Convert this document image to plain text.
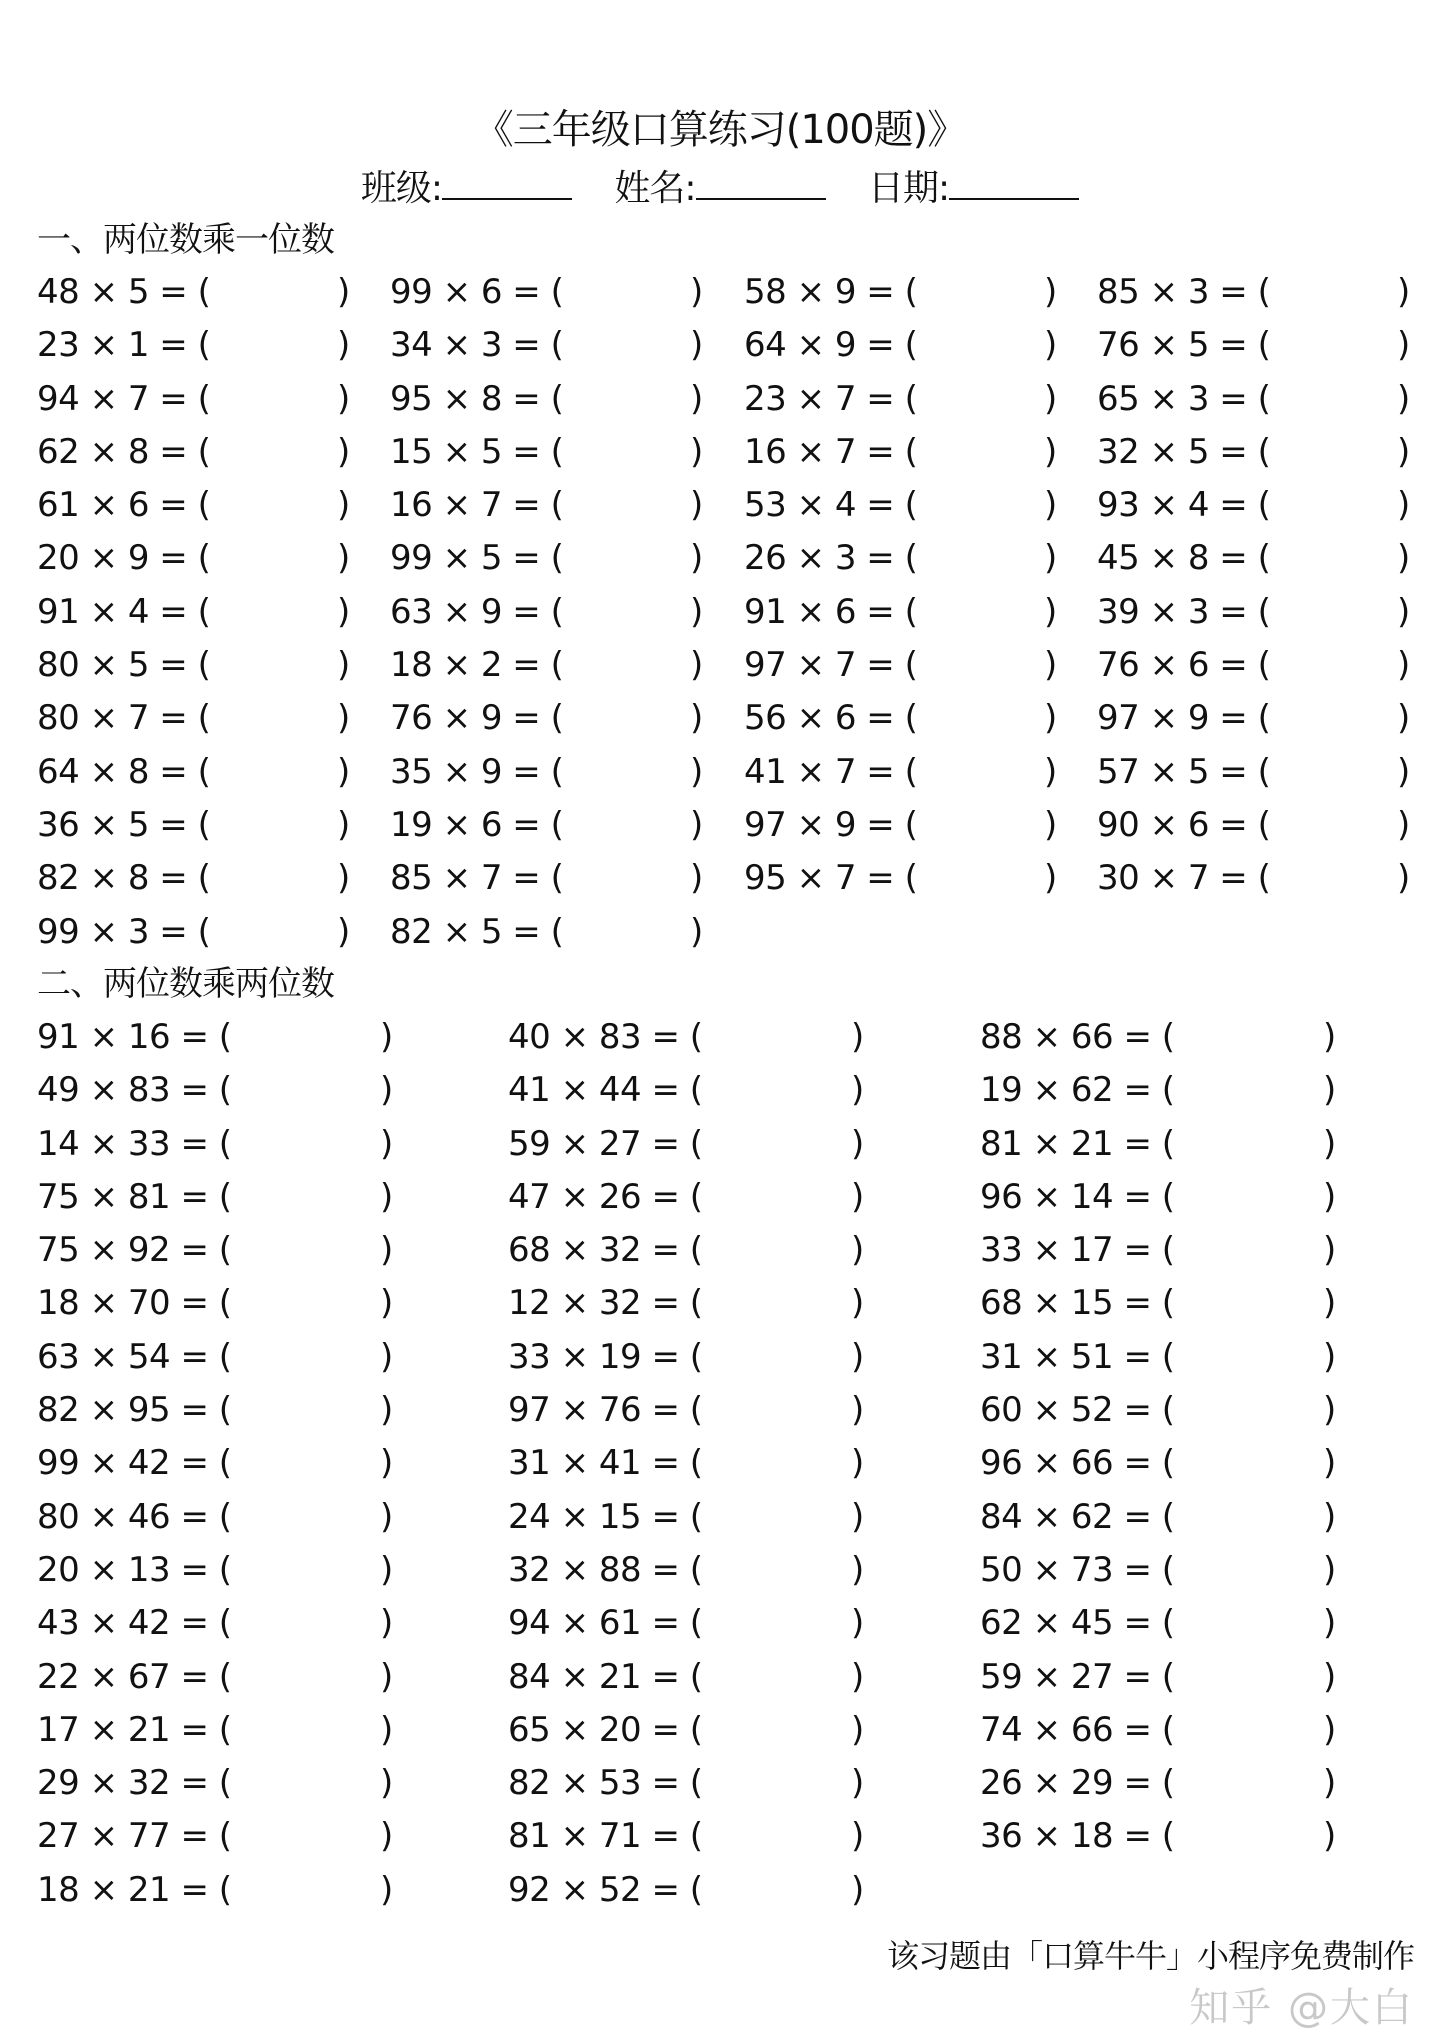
《三年级口算练习(100题)》
班级:	姓名:	日期:
一、两位数乘一位数
48 × 5 = (	) 99 × 6 = (	) 58 × 9 = (	) 85 × 3 = (	)
23 × 1 = (	) 34 × 3 = (	) 64 × 9 = (	) 76 × 5 = (	)
94 × 7 = (	) 95 × 8 = (	) 23 × 7 = (	) 65 × 3 = (	)
62 × 8 = (	) 15 × 5 = (	) 16 × 7 = (	) 32 × 5 = (	)
61 × 6 = (	) 16 × 7 = (	) 53 × 4 = (	) 93 × 4 = (	)
20 × 9 = (	) 99 × 5 = (	) 26 × 3 = (	) 45 × 8 = (	)
91 × 4 = (	) 63 × 9 = (	) 91 × 6 = (	) 39 × 3 = (	)
80 × 5 = (	) 18 × 2 = (	) 97 × 7 = (	) 76 × 6 = (	)
80 × 7 = (	) 76 × 9 = (	) 56 × 6 = (	) 97 × 9 = (	)
64 × 8 = (	) 35 × 9 = (	) 41 × 7 = (	) 57 × 5 = (	)
36 × 5 = (	) 19 × 6 = (	) 97 × 9 = (	) 90 × 6 = (	)
82 × 8 = (	) 85 × 7 = (	) 95 × 7 = (	) 30 × 7 = (	)
99 × 3 = (	) 82 × 5 = (	)
二、两位数乘两位数
91 × 16 = (	)	40 × 83 = (	)	88 × 66 = (	)
49 × 83 = (	)	41 × 44 = (	)	19 × 62 = (	)
14 × 33 = (	)	59 × 27 = (	)	81 × 21 = (	)
75 × 81 = (	)	47 × 26 = (	)	96 × 14 = (	)
75 × 92 = (	)	68 × 32 = (	)	33 × 17 = (	)
18 × 70 = (	)	12 × 32 = (	)	68 × 15 = (	)
63 × 54 = (	)	33 × 19 = (	)	31 × 51 = (	)
82 × 95 = (	)	97 × 76 = (	)	60 × 52 = (	)
99 × 42 = (	)	31 × 41 = (	)	96 × 66 = (	)
80 × 46 = (	)	24 × 15 = (	)	84 × 62 = (	)
20 × 13 = (	)	32 × 88 = (	)	50 × 73 = (	)
43 × 42 = (	)	94 × 61 = (	)	62 × 45 = (	)
22 × 67 = (	)	84 × 21 = (	)	59 × 27 = (	)
17 × 21 = (	)	65 × 20 = (	)	74 × 66 = (	)
29 × 32 = (	)	82 × 53 = (	)	26 × 29 = (	)
27 × 77 = (	)	81 × 71 = (	)	36 × 18 = (	)
18 × 21 = (	)	92 × 52 = (	)
该习题由「口算牛牛」小程序免费制作
知乎 @大白
